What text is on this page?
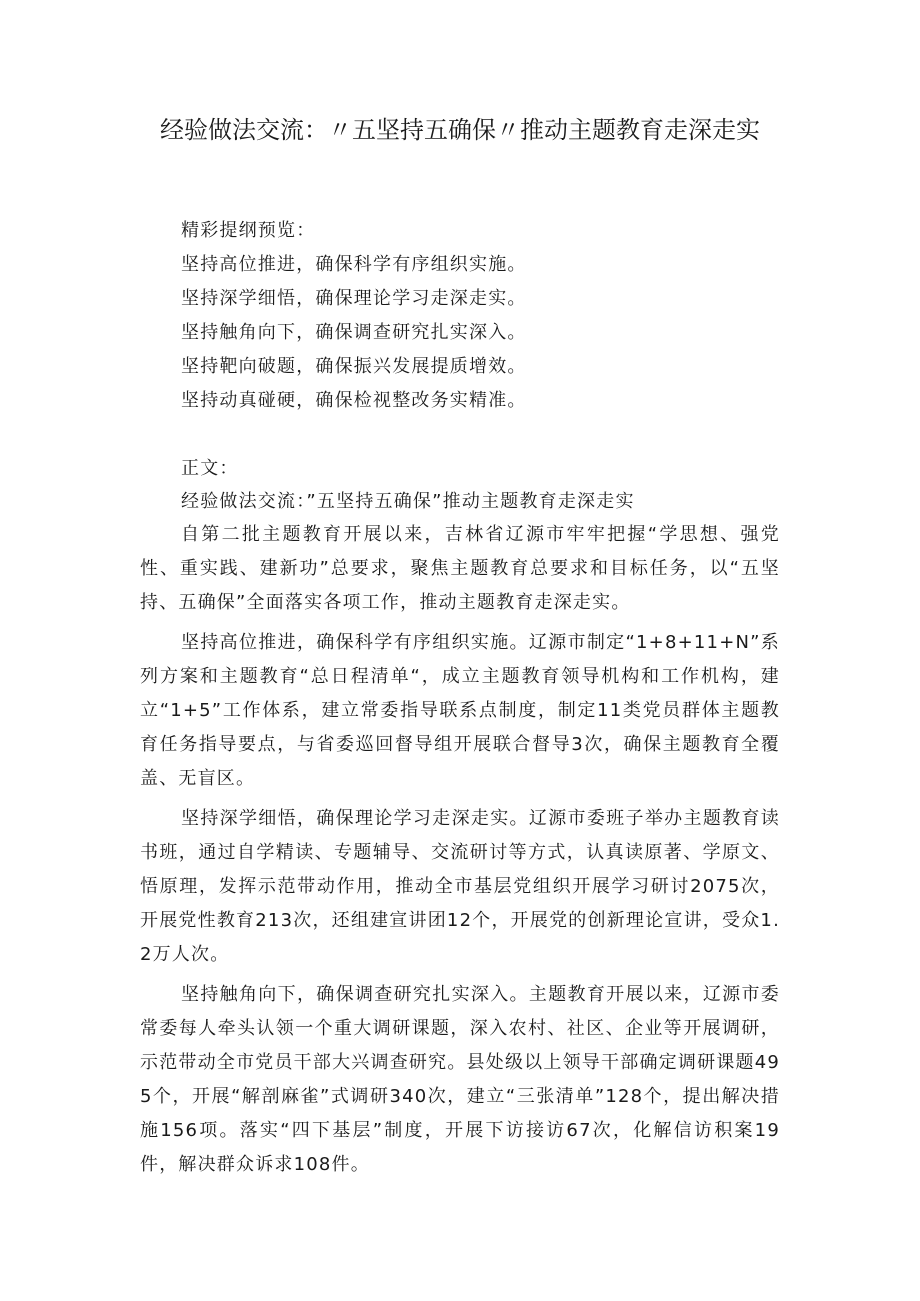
经验做法交流：〃五坚持五确保〃推动主题教育走深走实
精彩提纲预览：
坚持高位推进，确保科学有序组织实施。
坚持深学细悟，确保理论学习走深走实。
坚持触角向下，确保调查研究扎实深入。
坚持靶向破题，确保振兴发展提质增效。
坚持动真碰硬，确保检视整改务实精准。
正文：
经验做法交流：”五坚持五确保”推动主题教育走深走实

自第二批主题教育开展以来，吉林省辽源市牢牢把握“学思想、强党性、重实践、建新功”总要求，聚焦主题教育总要求和目标任务，以“五坚持、五确保”全面落实各项工作，推动主题教育走深走实。

坚持高位推进，确保科学有序组织实施。辽源市制定“1+8+11+N”系列方案和主题教育“总日程清单“，成立主题教育领导机构和工作机构，建立“1+5”工作体系，建立常委指导联系点制度，制定11类党员群体主题教育任务指导要点，与省委巡回督导组开展联合督导3次，确保主题教育全覆盖、无盲区。

坚持深学细悟，确保理论学习走深走实。辽源市委班子举办主题教育读书班，通过自学精读、专题辅导、交流研讨等方式，认真读原著、学原文、悟原理，发挥示范带动作用，推动全市基层党组织开展学习研讨2075次，开展党性教育213次，还组建宣讲团12个，开展党的创新理论宣讲，受众1.2万人次。

坚持触角向下，确保调查研究扎实深入。主题教育开展以来，辽源市委常委每人牵头认领一个重大调研课题，深入农村、社区、企业等开展调研，示范带动全市党员干部大兴调查研究。县处级以上领导干部确定调研课题495个，开展“解剖麻雀”式调研340次，建立“三张清单”128个，提出解决措施156项。落实“四下基层”制度，开展下访接访67次，化解信访积案19件，解决群众诉求108件。
